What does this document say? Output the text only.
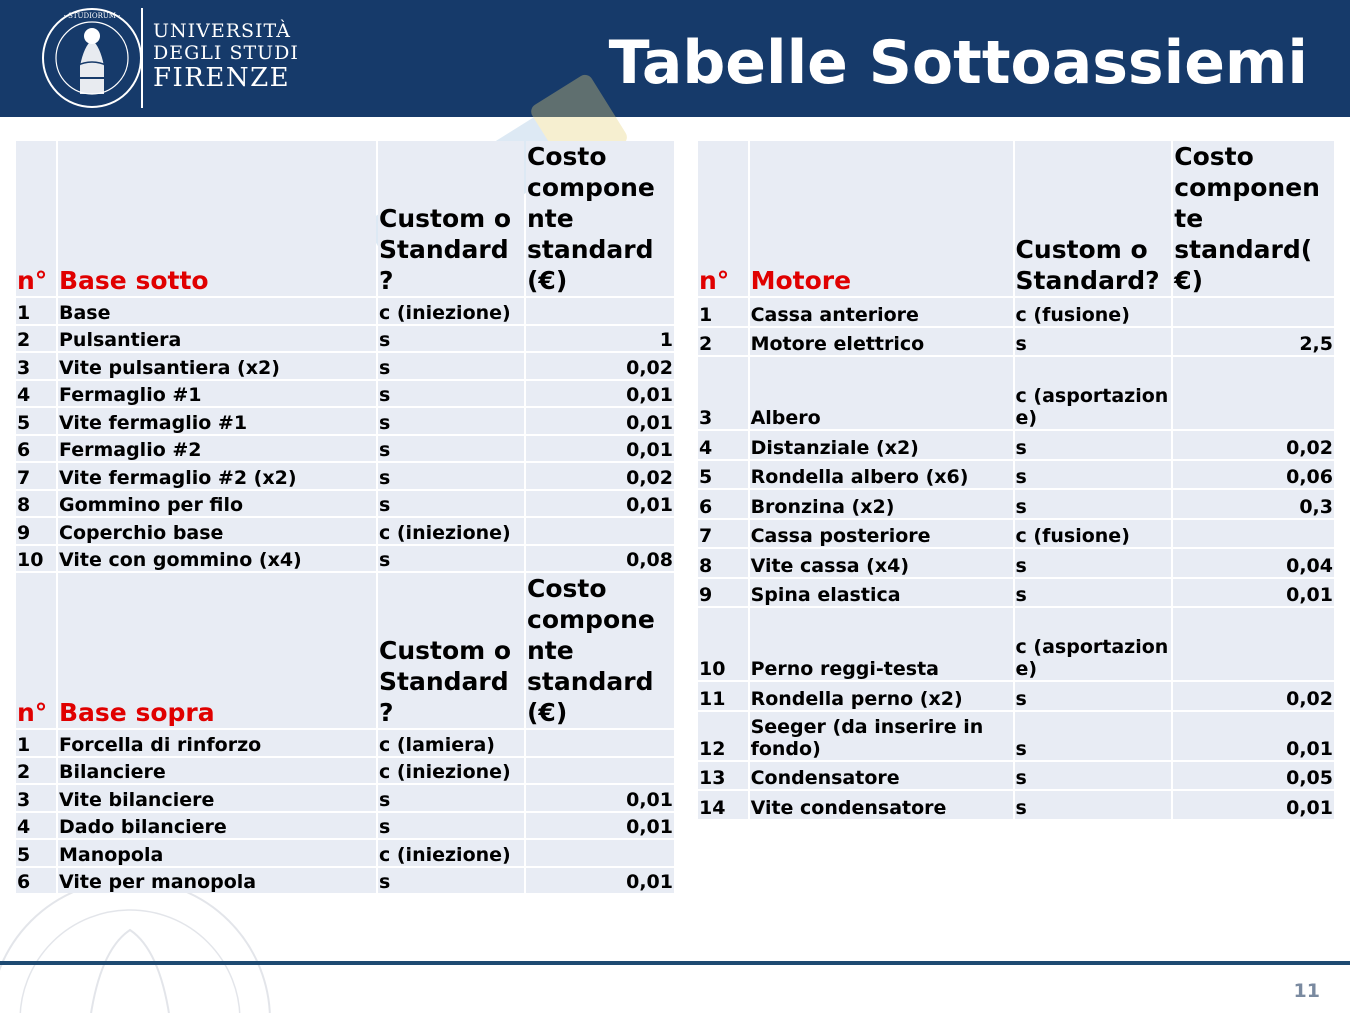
· STUDIORUM ·
UNIVERSITÀ
DEGLI STUDI
FIRENZE	Tabelle Sottoassiemi
n°	Base sotto	Custom o Standard ?	Costo compone nte standard (€)
1	Base	c (iniezione)	
2	Pulsantiera	s	1
3	Vite pulsantiera (x2)	s	0,02
4	Fermaglio #1	s	0,01
5	Vite fermaglio #1	s	0,01
6	Fermaglio #2	s	0,01
7	Vite fermaglio #2 (x2)	s	0,02
8	Gommino per filo	s	0,01
9	Coperchio base	c (iniezione)	
10	Vite con gommino (x4)	s	0,08
n°	Base sopra	Custom o Standard ?	Costo compone nte standard (€)
1	Forcella di rinforzo	c (lamiera)	
2	Bilanciere	c (iniezione)	
3	Vite bilanciere	s	0,01
4	Dado bilanciere	s	0,01
5	Manopola	c (iniezione)	
6	Vite per manopola	s	0,01
n°	Motore	Custom o Standard?	Costo componen te standard( €)
1	Cassa anteriore	c (fusione)	
2	Motore elettrico	s	2,5
3	Albero	c (asportazion e)	
4	Distanziale (x2)	s	0,02
5	Rondella albero (x6)	s	0,06
6	Bronzina (x2)	s	0,3
7	Cassa posteriore	c (fusione)	
8	Vite cassa (x4)	s	0,04
9	Spina elastica	s	0,01
10	Perno reggi-testa	c (asportazion e)	
11	Rondella perno (x2)	s	0,02
12	Seeger (da inserire in fondo)	s	0,01
13	Condensatore	s	0,05
14	Vite condensatore	s	0,01
11
